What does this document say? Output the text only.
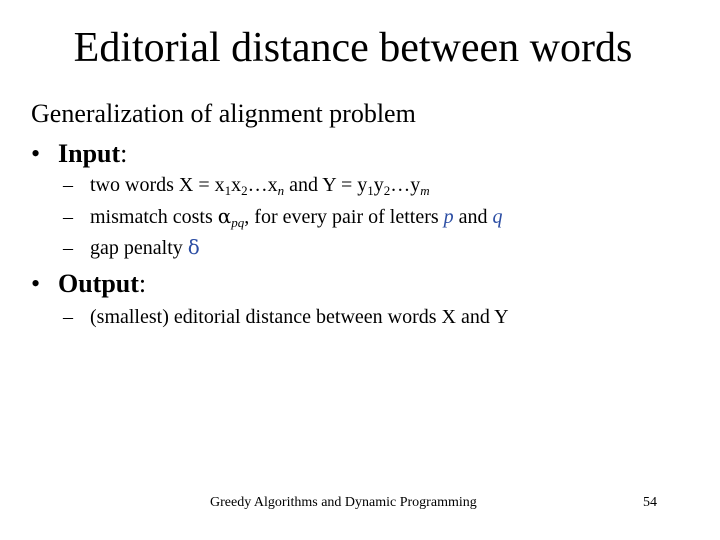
Editorial distance between words
Generalization of alignment problem
• Input:
– two words $X = x_1x_2\dots x_n$ and $Y = y_1y_2\dots y_m$
– mismatch costs $\alpha_{pq}$, for every pair of letters p and q
– gap penalty δ
• Output:
– (smallest) editorial distance between words X and Y
Greedy Algorithms and Dynamic Programming	54
